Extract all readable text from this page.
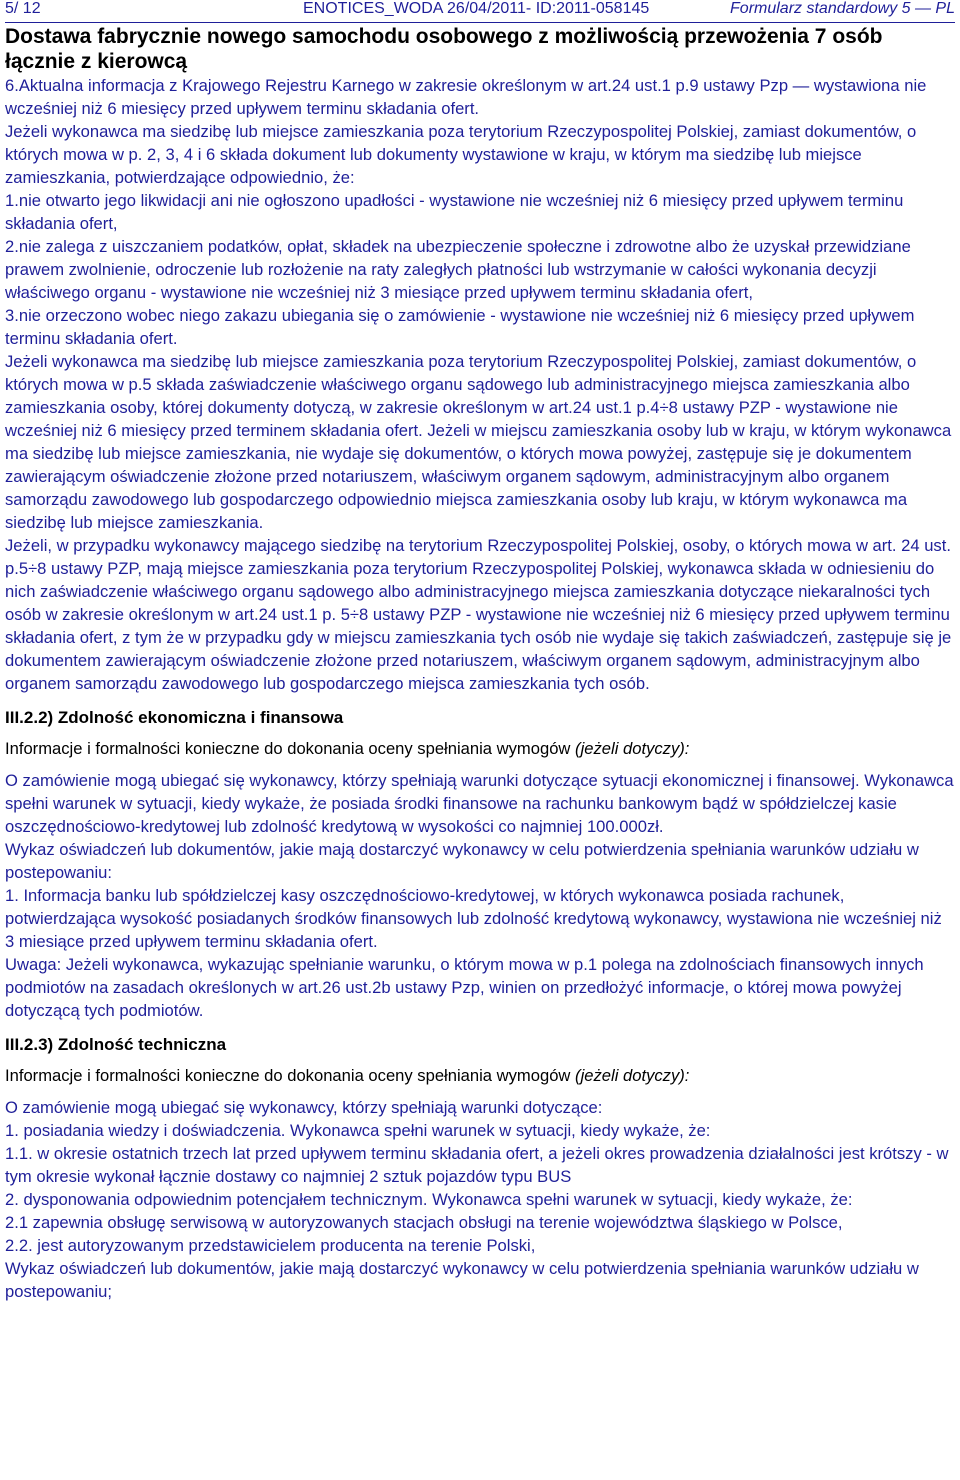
5/ 12	ENOTICES_WODA 26/04/2011- ID:2011-058145	Formularz standardowy 5 — PL
Dostawa fabrycznie nowego samochodu osobowego z możliwością przewożenia 7 osób łącznie z kierowcą

6.Aktualna informacja z Krajowego Rejestru Karnego w zakresie określonym w art.24 ust.1 p.9 ustawy Pzp — wystawiona nie wcześniej niż 6 miesięcy przed upływem terminu składania ofert.

Jeżeli wykonawca ma siedzibę lub miejsce zamieszkania poza terytorium Rzeczypospolitej Polskiej, zamiast dokumentów, o których mowa w p. 2, 3, 4 i 6 składa dokument lub dokumenty wystawione w kraju, w którym ma siedzibę lub miejsce zamieszkania, potwierdzające odpowiednio, że:

1.nie otwarto jego likwidacji ani nie ogłoszono upadłości - wystawione nie wcześniej niż 6 miesięcy przed upływem terminu składania ofert,

2.nie zalega z uiszczaniem podatków, opłat, składek na ubezpieczenie społeczne i zdrowotne albo że uzyskał przewidziane prawem zwolnienie, odroczenie lub rozłożenie na raty zaległych płatności lub wstrzymanie w całości wykonania decyzji właściwego organu - wystawione nie wcześniej niż 3 miesiące przed upływem terminu składania ofert,

3.nie orzeczono wobec niego zakazu ubiegania się o zamówienie - wystawione nie wcześniej niż 6 miesięcy przed upływem terminu składania ofert.

Jeżeli wykonawca ma siedzibę lub miejsce zamieszkania poza terytorium Rzeczypospolitej Polskiej, zamiast dokumentów, o których mowa w p.5 składa zaświadczenie właściwego organu sądowego lub administracyjnego miejsca zamieszkania albo zamieszkania osoby, której dokumenty dotyczą, w zakresie określonym w art.24 ust.1 p.4÷8 ustawy PZP - wystawione nie wcześniej niż 6 miesięcy przed terminem składania ofert. Jeżeli w miejscu zamieszkania osoby lub w kraju, w którym wykonawca ma siedzibę lub miejsce zamieszkania, nie wydaje się dokumentów, o których mowa powyżej, zastępuje się je dokumentem zawierającym oświadczenie złożone przed notariuszem, właściwym organem sądowym, administracyjnym albo organem samorządu zawodowego lub gospodarczego odpowiednio miejsca zamieszkania osoby lub kraju, w którym wykonawca ma siedzibę lub miejsce zamieszkania.

Jeżeli, w przypadku wykonawcy mającego siedzibę na terytorium Rzeczypospolitej Polskiej, osoby, o których mowa w art. 24 ust. p.5÷8 ustawy PZP, mają miejsce zamieszkania poza terytorium Rzeczypospolitej Polskiej, wykonawca składa w odniesieniu do nich zaświadczenie właściwego organu sądowego albo administracyjnego miejsca zamieszkania dotyczące niekaralności tych osób w zakresie określonym w art.24 ust.1 p. 5÷8 ustawy PZP - wystawione nie wcześniej niż 6 miesięcy przed upływem terminu składania ofert, z tym że w przypadku gdy w miejscu zamieszkania tych osób nie wydaje się takich zaświadczeń, zastępuje się je dokumentem zawierającym oświadczenie złożone przed notariuszem, właściwym organem sądowym, administracyjnym albo organem samorządu zawodowego lub gospodarczego miejsca zamieszkania tych osób.

III.2.2) Zdolność ekonomiczna i finansowa
Informacje i formalności konieczne do dokonania oceny spełniania wymogów (jeżeli dotyczy):

O zamówienie mogą ubiegać się wykonawcy, którzy spełniają warunki dotyczące sytuacji ekonomicznej i finansowej. Wykonawca spełni warunek w sytuacji, kiedy wykaże, że posiada środki finansowe na rachunku bankowym bądź w spółdzielczej kasie oszczędnościowo-kredytowej lub zdolność kredytową w wysokości co najmniej 100.000zł.

Wykaz oświadczeń lub dokumentów, jakie mają dostarczyć wykonawcy w celu potwierdzenia spełniania warunków udziału w postepowaniu:

1. Informacja banku lub spółdzielczej kasy oszczędnościowo-kredytowej, w których wykonawca posiada rachunek, potwierdzająca wysokość posiadanych środków finansowych lub zdolność kredytową wykonawcy, wystawiona nie wcześniej niż 3 miesiące przed upływem terminu składania ofert.

Uwaga: Jeżeli wykonawca, wykazując spełnianie warunku, o którym mowa w p.1 polega na zdolnościach finansowych innych podmiotów na zasadach określonych w art.26 ust.2b ustawy Pzp, winien on przedłożyć informacje, o której mowa powyżej dotyczącą tych podmiotów.

III.2.3) Zdolność techniczna
Informacje i formalności konieczne do dokonania oceny spełniania wymogów (jeżeli dotyczy):

O zamówienie mogą ubiegać się wykonawcy, którzy spełniają warunki dotyczące:

1. posiadania wiedzy i doświadczenia. Wykonawca spełni warunek w sytuacji, kiedy wykaże, że:

1.1. w okresie ostatnich trzech lat przed upływem terminu składania ofert, a jeżeli okres prowadzenia działalności jest krótszy - w tym okresie wykonał łącznie dostawy co najmniej 2 sztuk pojazdów typu BUS

2. dysponowania odpowiednim potencjałem technicznym. Wykonawca spełni warunek w sytuacji, kiedy wykaże, że:

2.1 zapewnia obsługę serwisową w autoryzowanych stacjach obsługi na terenie województwa śląskiego w Polsce,

2.2. jest autoryzowanym przedstawicielem producenta na terenie Polski,

Wykaz oświadczeń lub dokumentów, jakie mają dostarczyć wykonawcy w celu potwierdzenia spełniania warunków udziału w postepowaniu;
